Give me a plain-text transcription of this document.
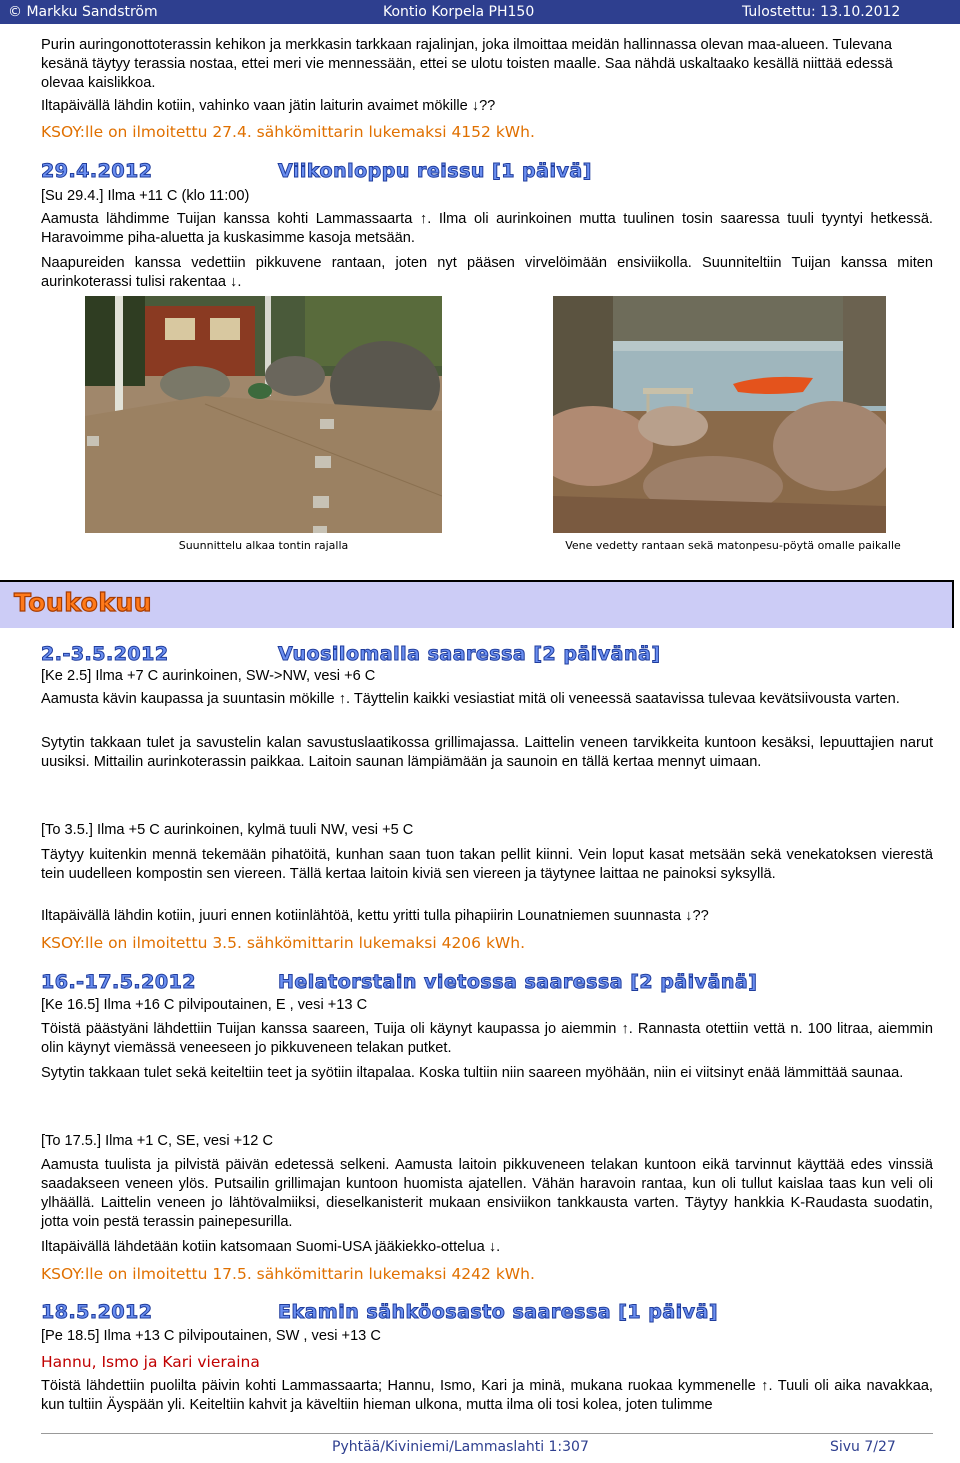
© Markku Sandström	Kontio Korpela PH150	Tulostettu: 13.10.2012

Purin auringonottoterassin kehikon ja merkkasin tarkkaan rajalinjan, joka ilmoittaa meidän hallinnassa olevan maa-alueen. Tulevana kesänä täytyy terassia nostaa, ettei meri vie mennessään, ettei se ulotu toisten maalle. Saa nähdä uskaltaako kesällä niittää edessä olevaa kaislikkoa.

Iltapäivällä lähdin kotiin, vahinko vaan jätin laiturin avaimet mökille ↓??

KSOY:lle on ilmoitettu 27.4. sähkömittarin lukemaksi 4152 kWh.

29.4.2012	Viikonloppu reissu [1 päivä]

[Su 29.4.] Ilma +11 C (klo 11:00)

Aamusta lähdimme Tuijan kanssa kohti Lammassaarta ↑. Ilma oli aurinkoinen mutta tuulinen tosin saaressa tuuli tyyntyi hetkessä. Haravoimme piha-aluetta ja kuskasimme kasoja metsään.

Naapureiden kanssa vedettiin pikkuvene rantaan, joten nyt pääsen virvelöimään ensiviikolla. Suunniteltiin Tuijan kanssa miten aurinkoterassi tulisi rakentaa ↓.

Suunnittelu alkaa tontin rajalla	Vene vedetty rantaan sekä matonpesu-pöytä omalle paikalle
Toukokuu
2.-3.5.2012	Vuosilomalla saaressa [2 päivänä]

[Ke 2.5] Ilma +7 C aurinkoinen, SW->NW, vesi +6 C

Aamusta kävin kaupassa ja suuntasin mökille ↑. Täyttelin kaikki vesiastiat mitä oli veneessä saatavissa tulevaa kevätsiivousta varten.

Sytytin takkaan tulet ja savustelin kalan savustuslaatikossa grillimajassa. Laittelin veneen tarvikkeita kuntoon kesäksi, lepuuttajien narut uusiksi. Mittailin aurinkoterassin paikkaa. Laitoin saunan lämpiämään ja saunoin en tällä kertaa mennyt uimaan.

[To 3.5.] Ilma +5 C aurinkoinen, kylmä tuuli NW, vesi +5 C

Täytyy kuitenkin mennä tekemään pihatöitä, kunhan saan tuon takan pellit kiinni. Vein loput kasat metsään sekä venekatoksen vierestä tein uudelleen kompostin sen viereen. Tällä kertaa laitoin kiviä sen viereen ja täytynee laittaa ne painoksi syksyllä.

Iltapäivällä lähdin kotiin, juuri ennen kotiinlähtöä, kettu yritti tulla pihapiirin Lounatniemen suunnasta ↓??

KSOY:lle on ilmoitettu 3.5. sähkömittarin lukemaksi 4206 kWh.

16.-17.5.2012	Helatorstain vietossa saaressa [2 päivänä]

[Ke 16.5] Ilma +16 C pilvipoutainen, E , vesi +13 C

Töistä päästyäni lähdettiin Tuijan kanssa saareen, Tuija oli käynyt kaupassa jo aiemmin ↑. Rannasta otettiin vettä n. 100 litraa, aiemmin olin käynyt viemässä veneeseen jo pikkuveneen telakan putket.

Sytytin takkaan tulet sekä keiteltiin teet ja syötiin iltapalaa. Koska tultiin niin saareen myöhään, niin ei viitsinyt enää lämmittää saunaa.

[To 17.5.] Ilma +1 C, SE, vesi +12 C

Aamusta tuulista ja pilvistä päivän edetessä selkeni. Aamusta laitoin pikkuveneen telakan kuntoon eikä tarvinnut käyttää edes vinssiä saadakseen veneen ylös. Putsailin grillimajan kuntoon huomista ajatellen. Vähän haravoin rantaa, kun oli tullut kaislaa taas kun veli oli ylhäällä. Laittelin veneen jo lähtövalmiiksi, dieselkanisterit mukaan ensiviikon tankkausta varten. Täytyy hankkia K-Raudasta suodatin, jotta voin pestä terassin painepesurilla.

Iltapäivällä lähdetään kotiin katsomaan Suomi-USA jääkiekko-ottelua ↓.

KSOY:lle on ilmoitettu 17.5. sähkömittarin lukemaksi 4242 kWh.

18.5.2012	Ekamin sähköosasto saaressa [1 päivä]

[Pe 18.5] Ilma +13 C pilvipoutainen, SW , vesi +13 C

Hannu, Ismo ja Kari vieraina

Töistä lähdettiin puolilta päivin kohti Lammassaarta; Hannu, Ismo, Kari ja minä, mukana ruokaa kymmenelle ↑. Tuuli oli aika navakkaa, kun tultiin Äyspään yli. Keiteltiin kahvit ja käveltiin hieman ulkona, mutta ilma oli tosi kolea, joten tulimme

Pyhtää/Kiviniemi/Lammaslahti 1:307	Sivu 7/27
